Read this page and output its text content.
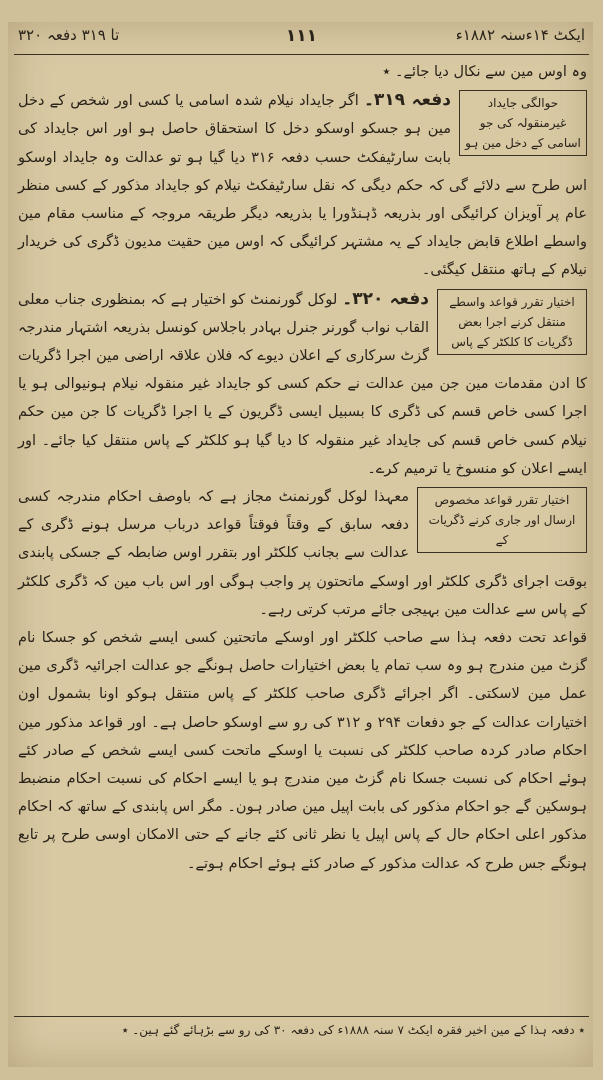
ایکٹ ۱۴ءسنہ ۱۸۸۲ء
۱۱۱
۳۲۰ تا ۳۱۹ دفعہ

وہ اوس مین سے نکال دیا جائے۔ ٭

حوالگی جایداد غیرمنقولہ کی جو اسامی کے دخل مین ہو

دفعہ ۳۱۹۔ اگر جایداد نیلام شدہ اسامی یا کسی اور شخص کے دخل مین ہو جسکو اوسکو دخل کا استحقاق حاصل ہو اور اس جایداد کی بابت سارٹیفکٹ حسب دفعہ ۳۱۶ دیا گیا ہو تو عدالت وہ جایداد اوسکو اس طرح سے دلائے گی کہ حکم دیگی کہ نقل سارٹیفکٹ نیلام کو جایداد مذکور کے کسی منظر عام پر آویزان کرائیگی اور بذریعہ ڈہنڈورا یا بذریعہ دیگر طریقہ مروجہ کے مناسب مقام مین واسطے اطلاع قابض جایداد کے یہ مشتہر کرائیگی کہ اوس مین حقیت مدیون ڈگری کی خریدار نیلام کے ہاتھ منتقل کیگئی۔

اختیار تقرر قواعد واسطے منتقل کرنے اجرا بعض ڈگریات کا کلکٹر کے پاس

دفعہ ۳۲۰۔ لوکل گورنمنٹ کو اختیار ہے کہ بمنظوری جناب معلی القاب نواب گورنر جنرل بہادر باجلاس کونسل بذریعہ اشتہار مندرجہ گزٹ سرکاری کے اعلان دیوے کہ فلان علاقہ اراضی مین اجرا ڈگریات کا ادن مقدمات مین جن مین عدالت نے حکم کسی کو جایداد غیر منقولہ نیلام ہونیوالی ہو یا اجرا کسی خاص قسم کی ڈگری کا بسبیل ایسی ڈگریون کے یا اجرا ڈگریات کا جن مین حکم نیلام کسی خاص قسم کی جایداد غیر منقولہ کا دیا گیا ہو کلکٹر کے پاس منتقل کیا جائے۔ اور ایسے اعلان کو منسوخ یا ترمیم کرے۔

اختیار تقرر قواعد مخصوص ارسال اور جاری کرنے ڈگریات کے

معہذا لوکل گورنمنٹ مجاز ہے کہ باوصف احکام مندرجہ کسی دفعہ سابق کے وقتاً فوقتاً قواعد درباب مرسل ہونے ڈگری کے عدالت سے بجانب کلکٹر اور بتقرر اوس ضابطہ کے جسکی پابندی بوقت اجرای ڈگری کلکٹر اور اوسکے ماتحتون پر واجب ہوگی اور اس باب مین کہ ڈگری کلکٹر کے پاس سے عدالت مین بہیجی جائے مرتب کرتی رہے۔

قواعد تحت دفعہ ہذا سے صاحب کلکٹر اور اوسکے ماتحتین کسی ایسے شخص کو جسکا نام گزٹ مین مندرج ہو وہ سب تمام یا بعض اختیارات حاصل ہونگے جو عدالت اجرائیہ ڈگری مین عمل مین لاسکتی۔ اگر اجرائے ڈگری صاحب کلکٹر کے پاس منتقل ہوکو اونا بشمول اون اختیارات عدالت کے جو دفعات ۲۹۴ و ۳۱۲ کی رو سے اوسکو حاصل ہے۔ اور قواعد مذکور مین احکام صادر کردہ صاحب کلکٹر کی نسبت یا اوسکے ماتحت کسی ایسے شخص کے صادر کئے ہوئے احکام کی نسبت جسکا نام گزٹ مین مندرج ہو یا ایسے احکام کی نسبت احکام منضبط ہوسکین گے جو احکام مذکور کی بابت اپیل مین صادر ہون۔ مگر اس پابندی کے ساتھ کہ احکام مذکور اعلی احکام حال کے پاس اپیل یا نظر ثانی کئے جانے کے حتی الامکان اوسی طرح پر تابع ہونگے جس طرح کہ عدالت مذکور کے صادر کئے ہوئے احکام ہوتے۔

٭ دفعہ ہذا کے مین اخیر فقرہ ایکٹ ۷ سنہ ۱۸۸۸ء کی دفعہ ۳۰ کی رو سے بڑہائے گئے ہین۔ ٭
